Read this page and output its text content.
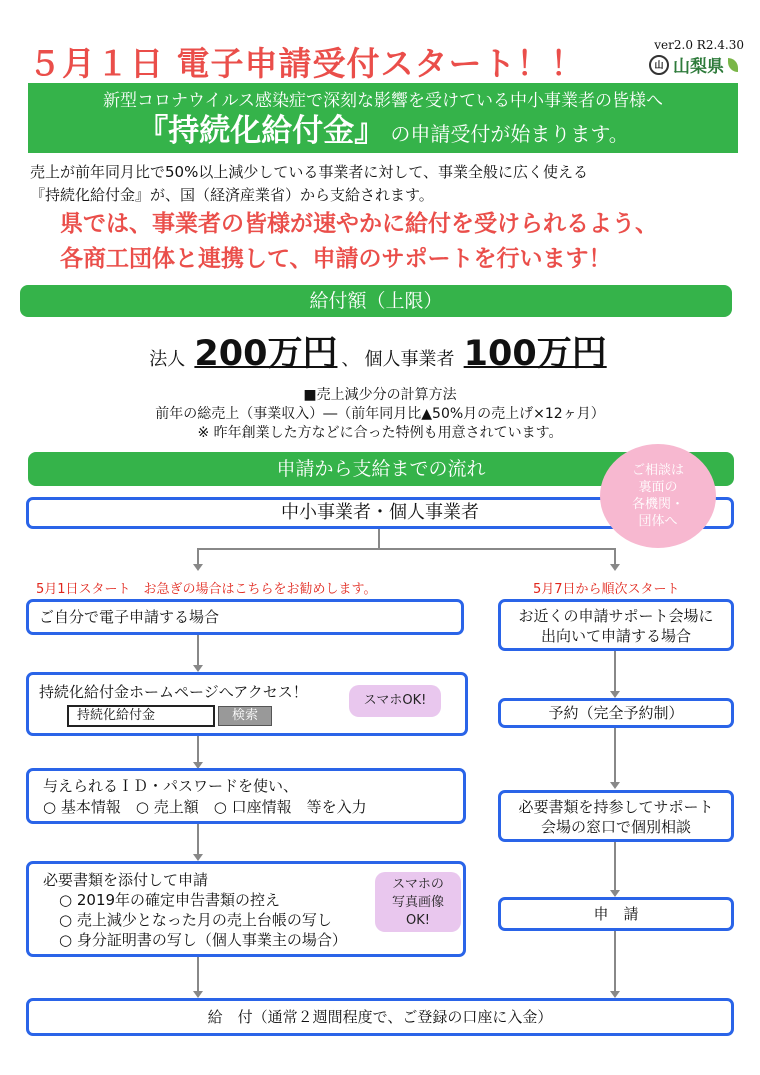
５月１日 電子申請受付スタート！！	ver2.0 R2.4.30
山 山梨県
新型コロナウイルス感染症で深刻な影響を受けている中小事業者の皆様へ
『持続化給付金』 の申請受付が始まります。
売上が前年同月比で50%以上減少している事業者に対して、事業全般に広く使える
『持続化給付金』が、国（経済産業省）から支給されます。
県では、事業者の皆様が速やかに給付を受けられるよう、
各商工団体と連携して、申請のサポートを行います！
給付額（上限）
法人 200万円 、 個人事業者 100万円
■売上減少分の計算方法
前年の総売上（事業収入）―（前年同月比▲50%月の売上げ×12ヶ月）
※ 昨年創業した方などに合った特例も用意されています。
申請から支給までの流れ
中小事業者・個人事業者
ご相談は
裏面の
各機関・
団体へ
5月1日スタート　お急ぎの場合はこちらをお勧めします。	5月7日から順次スタート
ご自分で電子申請する場合
持続化給付金ホームページへアクセス！
持続化給付金	検索
スマホOK!
与えられるＩＤ・パスワードを使い、
○ 基本情報　○ 売上額　○ 口座情報　等を入力
必要書類を添付して申請
○ 2019年の確定申告書類の控え
○ 売上減少となった月の売上台帳の写し
○ 身分証明書の写し（個人事業主の場合）
スマホの
写真画像
OK!
お近くの申請サポート会場に
出向いて申請する場合
予約（完全予約制）
必要書類を持参してサポート
会場の窓口で個別相談
申　請
給　付（通常２週間程度で、ご登録の口座に入金）
